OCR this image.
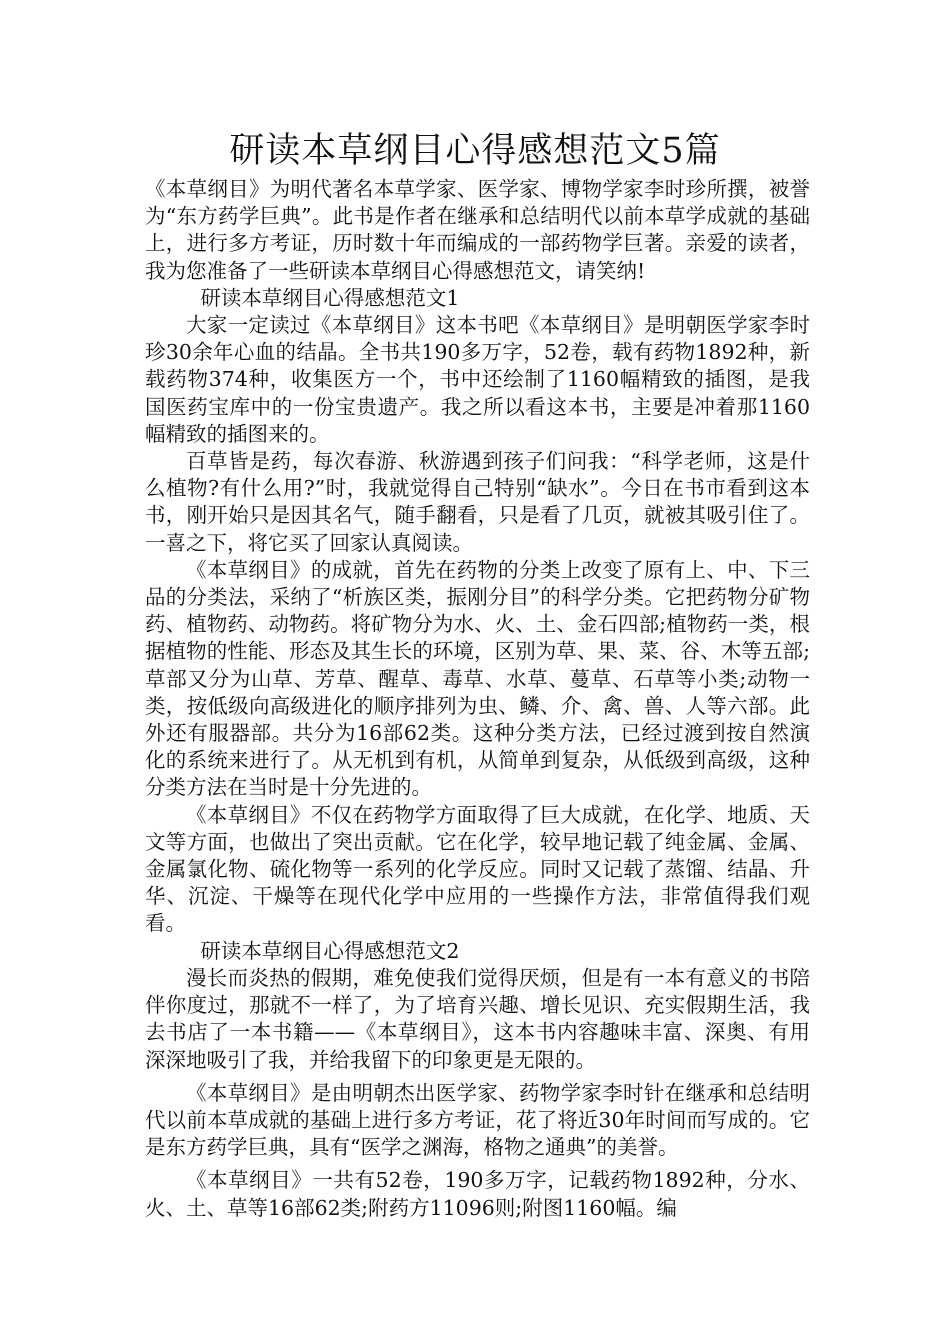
研读本草纲目心得感想范文5篇

《本草纲目》为明代著名本草学家、医学家、博物学家李时珍所撰，被誉为“东方药学巨典”。此书是作者在继承和总结明代以前本草学成就的基础上，进行多方考证，历时数十年而编成的一部药物学巨著。亲爱的读者，我为您准备了一些研读本草纲目心得感想范文，请笑纳!

研读本草纲目心得感想范文1

大家一定读过《本草纲目》这本书吧《本草纲目》是明朝医学家李时珍30余年心血的结晶。全书共190多万字，52卷，载有药物1892种，新载药物374种，收集医方一个，书中还绘制了1160幅精致的插图，是我国医药宝库中的一份宝贵遗产。我之所以看这本书，主要是冲着那1160幅精致的插图来的。

百草皆是药，每次春游、秋游遇到孩子们问我：“科学老师，这是什么植物?有什么用?”时，我就觉得自己特别“缺水”。今日在书市看到这本书，刚开始只是因其名气，随手翻看，只是看了几页，就被其吸引住了。一喜之下，将它买了回家认真阅读。

《本草纲目》的成就，首先在药物的分类上改变了原有上、中、下三品的分类法，采纳了“析族区类，振刚分目”的科学分类。它把药物分矿物药、植物药、动物药。将矿物分为水、火、土、金石四部;植物药一类，根据植物的性能、形态及其生长的环境，区别为草、果、菜、谷、木等五部;草部又分为山草、芳草、醒草、毒草、水草、蔓草、石草等小类;动物一类，按低级向高级进化的顺序排列为虫、鳞、介、禽、兽、人等六部。此外还有服器部。共分为16部62类。这种分类方法，已经过渡到按自然演化的系统来进行了。从无机到有机，从简单到复杂，从低级到高级，这种分类方法在当时是十分先进的。

《本草纲目》不仅在药物学方面取得了巨大成就，在化学、地质、天文等方面，也做出了突出贡献。它在化学，较早地记载了纯金属、金属、金属氯化物、硫化物等一系列的化学反应。同时又记载了蒸馏、结晶、升华、沉淀、干燥等在现代化学中应用的一些操作方法，非常值得我们观看。

研读本草纲目心得感想范文2

漫长而炎热的假期，难免使我们觉得厌烦，但是有一本有意义的书陪伴你度过，那就不一样了，为了培育兴趣、增长见识、充实假期生活，我去书店了一本书籍——《本草纲目》，这本书内容趣味丰富、深奥、有用深深地吸引了我，并给我留下的印象更是无限的。

《本草纲目》是由明朝杰出医学家、药物学家李时针在继承和总结明代以前本草成就的基础上进行多方考证，花了将近30年时间而写成的。它是东方药学巨典，具有“医学之渊海，格物之通典”的美誉。

《本草纲目》一共有52卷，190多万字，记载药物1892种，分水、火、土、草等16部62类;附药方11096则;附图1160幅。编
